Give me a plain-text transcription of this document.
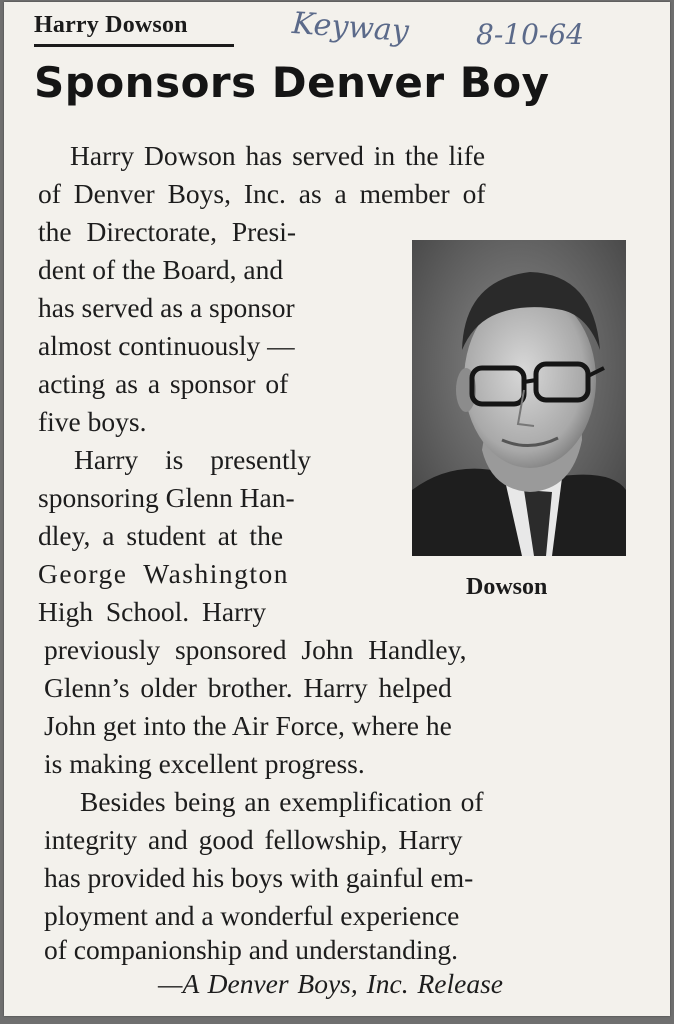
Harry Dowson	Keyway 8-10-64
Sponsors Denver Boy
Harry Dowson has served in the life
of Denver Boys, Inc. as a member of
the Directorate, Presi-
dent of the Board, and
has served as a sponsor
almost continuously —
acting as a sponsor of
five boys.
Harry is presently
sponsoring Glenn Han-
dley, a student at the
George Washington
High School. Harry
previously sponsored John Handley,
Glenn’s older brother. Harry helped
John get into the Air Force, where he
is making excellent progress.
Besides being an exemplification of
integrity and good fellowship, Harry
has provided his boys with gainful em-
ployment and a wonderful experience
of companionship and understanding.
—A Denver Boys, Inc. Release
Dowson
